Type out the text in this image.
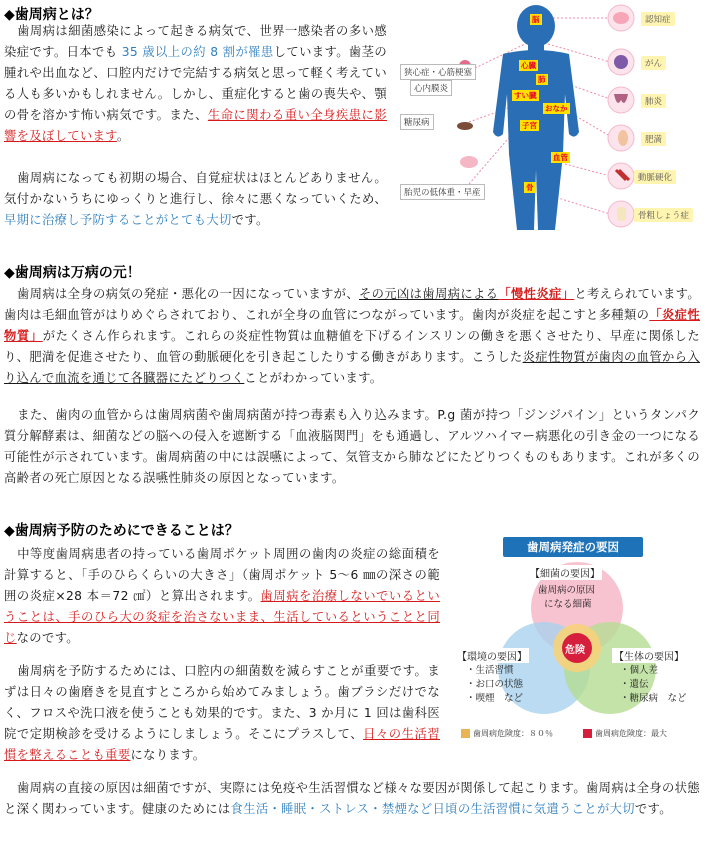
◆歯周病とは？

歯周病は細菌感染によって起きる病気で、世界一感染者の多い感染症です。日本でも 35 歳以上の約 8 割が罹患しています。歯茎の腫れや出血など、口腔内だけで完結する病気と思って軽く考えている人も多いかもしれません。しかし、重症化すると歯の喪失や、顎の骨を溶かす怖い病気です。また、生命に関わる重い全身疾患に影響を及ぼしています。

歯周病になっても初期の場合、自覚症状はほとんどありません。気付かないうちにゆっくりと進行し、徐々に悪くなっていくため、早期に治療し予防することがとても大切です。

脳
心臓
肺
すい臓
おなか
子宮
血管
骨
狭心症・心筋梗塞
心内膜炎
糖尿病
胎児の低体重・早産
認知症
がん
肺炎
肥満
動脈硬化
骨粗しょう症
◆歯周病は万病の元！

歯周病は全身の病気の発症・悪化の一因になっていますが、その元凶は歯周病による「慢性炎症」と考えられています。歯肉は毛細血管がはりめぐらされており、これが全身の血管につながっています。歯肉が炎症を起こすと多種類の「炎症性物質」がたくさん作られます。これらの炎症性物質は血糖値を下げるインスリンの働きを悪くさせたり、早産に関係したり、肥満を促進させたり、血管の動脈硬化を引き起こしたりする働きがあります。こうした炎症性物質が歯肉の血管から入り込んで血流を通じて各臓器にたどりつくことがわかっています。

また、歯肉の血管からは歯周病菌や歯周病菌が持つ毒素も入り込みます。P.g 菌が持つ「ジンジパイン」というタンパク質分解酵素は、細菌などの脳への侵入を遮断する「血液脳関門」をも通過し、アルツハイマー病悪化の引き金の一つになる可能性が示されています。歯周病菌の中には誤嚥によって、気管支から肺などにたどりつくものもあります。これが多くの高齢者の死亡原因となる誤嚥性肺炎の原因となっています。

◆歯周病予防のためにできることは？

中等度歯周病患者の持っている歯周ポケット周囲の歯肉の炎症の総面積を計算すると、「手のひらくらいの大きさ」（歯周ポケット 5〜6 ㎜の深さの範囲の炎症×28 本＝72 ㎠）と算出されます。歯周病を治療しないでいるということは、手のひら大の炎症を治さないまま、生活しているということと同じなのです。

歯周病を予防するためには、口腔内の細菌数を減らすことが重要です。まずは日々の歯磨きを見直すところから始めてみましょう。歯ブラシだけでなく、フロスや洗口液を使うことも効果的です。また、3 か月に 1 回は歯科医院で定期検診を受けるようにしましょう。そこにプラスして、日々の生活習慣を整えることも重要になります。

歯周病の直接の原因は細菌ですが、実際には免疫や生活習慣など様々な要因が関係して起こります。歯周病は全身の状態と深く関わっています。健康のためには食生活・睡眠・ストレス・禁煙など日頃の生活習慣に気遣うことが大切です。

歯周病発症の要因
【細菌の要因】
歯周病の原因
になる細菌
危険
【環境の要因】
・生活習慣
・お口の状態
・喫煙　など
【生体の要因】
・個人差
・遺伝
・糖尿病　など
歯周病危険度：８０％	歯周病危険度：最大
